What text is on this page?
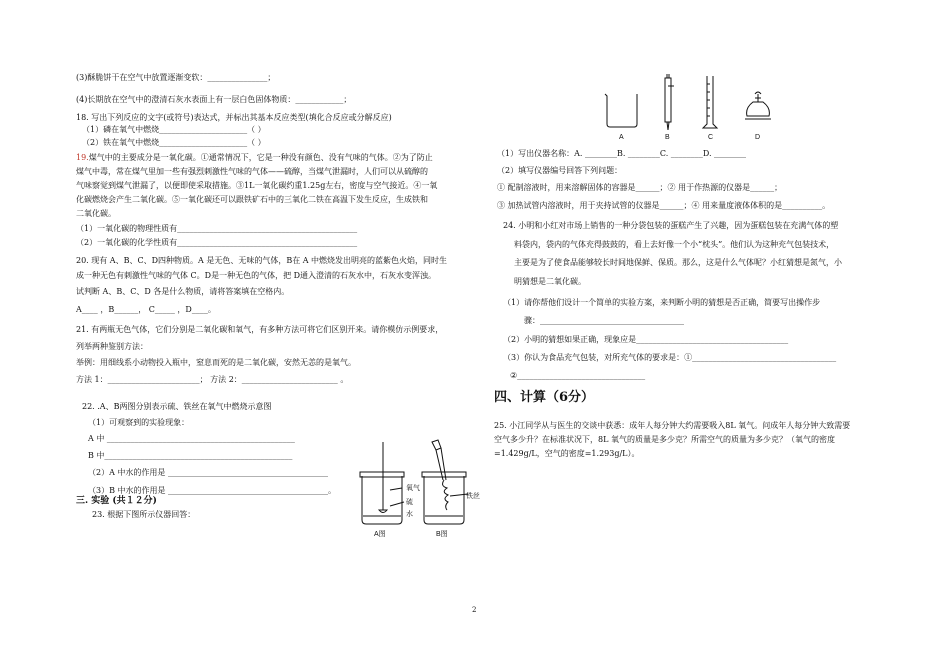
(3)酥脆饼干在空气中放置逐渐变软：_______________；
(4)长期放在空气中的澄清石灰水表面上有一层白色固体物质：____________；
18. 写出下列反应的文字(或符号)表达式，并标出其基本反应类型(填化合反应或分解反应)
（1）磷在氧气中燃烧______________________（ ）
（2）铁在氧气中燃烧______________________（ ）
19.煤气中的主要成分是一氧化碳。①通常情况下，它是一种没有颜色、没有气味的气体。②为了防止
煤气中毒，常在煤气里加一些有强烈刺激性气味的气体——硫醇，当煤气泄漏时，人们可以从硫醇的
气味察觉到煤气泄漏了，以便即使采取措施。③1L一氧化碳约重1.25g左右，密度与空气接近。④一氧
化碳燃烧会产生二氧化碳。⑤一氧化碳还可以跟铁矿石中的三氧化二铁在高温下发生反应，生成铁和
二氧化碳。
（1）一氧化碳的物理性质有_____________________________________________
（2）一氧化碳的化学性质有_____________________________________________
20. 现有 A、B、C、D四种物质。A 是无色、无味的气体，B在 A 中燃烧发出明亮的蓝紫色火焰，同时生
成一种无色有刺激性气味的气体 C。D是一种无色的气体，把 D通入澄清的石灰水中，石灰水变浑浊。
试判断 A、B、C、D 各是什么物质，请将答案填在空格内。
A____ ，B______， C_____ ，D____。
21. 有两瓶无色气体，它们分别是二氧化碳和氧气，有多种方法可将它们区别开来。请你模仿示例要求，
列举两种鉴别方法：
举例：用细线系小动物投入瓶中，窒息而死的是二氧化碳，安然无恙的是氧气。
方法 1：_______________________； 方法 2：________________________ 。
22. .A、B两图分别表示硫、铁丝在氧气中燃烧示意图
（1）可观察到的实验现象：
A 中 _______________________________________________
B 中_______________________________________________
（2）A 中水的作用是 ________________________________________
（3）B 中水的作用是 ________________________________________。
三. 实验 (共１２分)
23. 根据下图所示仪器回答：
氧气
硫
水
铁丝
A图	B图
A	B	C	D
（1）写出仪器名称：A. ________B. ________C. ________D. ________
（2）填写仪器编号回答下列问题：
① 配制溶液时，用来溶解固体的容器是______；② 用于作热源的仪器是______；
③ 加热试管内溶液时，用于夹持试管的仪器是______；④ 用来量度液体体积的是__________。
24. 小明和小红对市场上销售的一种分袋包装的蛋糕产生了兴趣，因为蛋糕包装在充满气体的塑
料袋内，袋内的气体充得鼓鼓的，看上去好像一个小“枕头”。他们认为这种充气包装技术，
主要是为了使食品能够较长时间地保鲜、保质。那么，这是什么气体呢？小红猜想是氮气，小
明猜想是二氧化碳。
（1）请你帮他们设计一个简单的实验方案，来判断小明的猜想是否正确，简要写出操作步
骤：____________________________________
（2）小明的猜想如果正确，现象应是______________________________________
（3）你认为食品充气包装，对所充气体的要求是：①____________________________________
②________________________________
四、计算（6分）
25. 小江同学从与医生的交谈中获悉：成年人每分钟大约需要吸入8L 氧气。问成年人每分钟大致需要
空气多少升？在标准状况下，8L 氧气的质量是多少克？所需空气的质量为多少克？（氧气的密度
=1.429g/L，空气的密度=1.293g/L）。
2
